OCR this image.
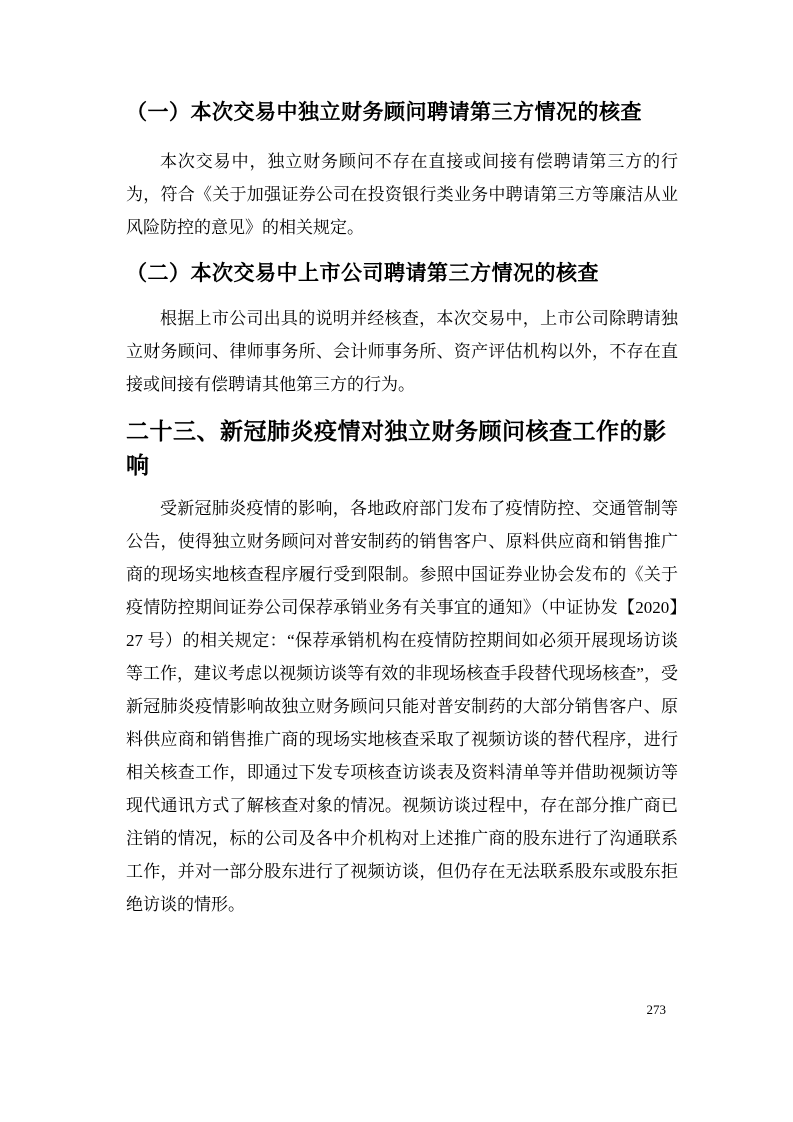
（一）本次交易中独立财务顾问聘请第三方情况的核查

本次交易中，独立财务顾问不存在直接或间接有偿聘请第三方的行为，符合《关于加强证券公司在投资银行类业务中聘请第三方等廉洁从业风险防控的意见》的相关规定。

（二）本次交易中上市公司聘请第三方情况的核查

根据上市公司出具的说明并经核查，本次交易中，上市公司除聘请独立财务顾问、律师事务所、会计师事务所、资产评估机构以外，不存在直接或间接有偿聘请其他第三方的行为。

二十三、新冠肺炎疫情对独立财务顾问核查工作的影响

受新冠肺炎疫情的影响，各地政府部门发布了疫情防控、交通管制等公告，使得独立财务顾问对普安制药的销售客户、原料供应商和销售推广商的现场实地核查程序履行受到限制。参照中国证券业协会发布的《关于疫情防控期间证券公司保荐承销业务有关事宜的通知》（中证协发【2020】27 号）的相关规定：“保荐承销机构在疫情防控期间如必须开展现场访谈等工作，建议考虑以视频访谈等有效的非现场核查手段替代现场核查”，受新冠肺炎疫情影响故独立财务顾问只能对普安制药的大部分销售客户、原料供应商和销售推广商的现场实地核查采取了视频访谈的替代程序，进行相关核查工作，即通过下发专项核查访谈表及资料清单等并借助视频访等现代通讯方式了解核查对象的情况。视频访谈过程中，存在部分推广商已注销的情况，标的公司及各中介机构对上述推广商的股东进行了沟通联系工作，并对一部分股东进行了视频访谈，但仍存在无法联系股东或股东拒绝访谈的情形。

273
